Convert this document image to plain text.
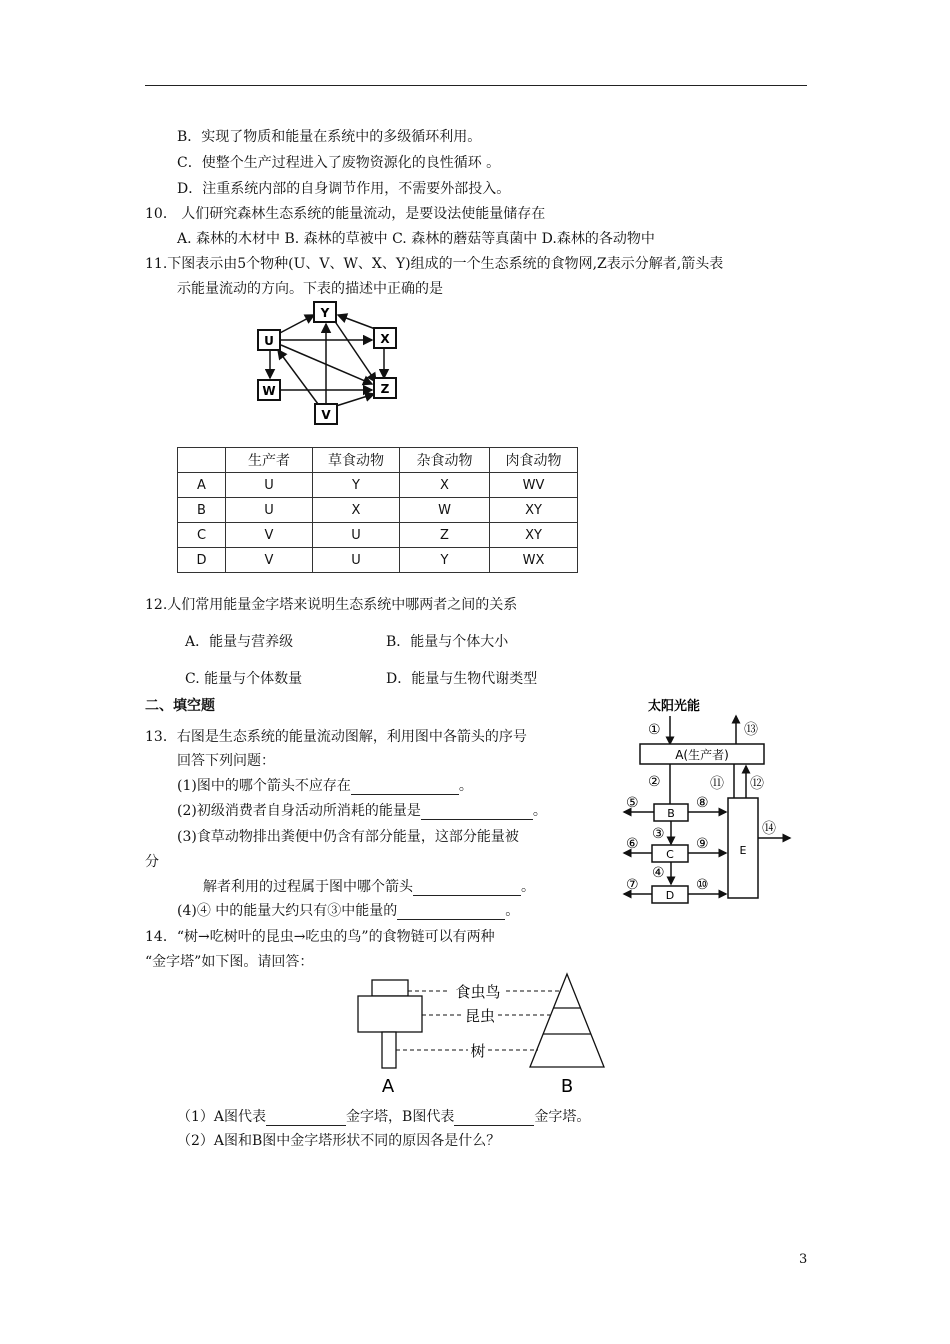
B．实现了物质和能量在系统中的多级循环利用。
C．使整个生产过程进入了废物资源化的良性循环 。
D．注重系统内部的自身调节作用，不需要外部投入。
10． 人们研究森林生态系统的能量流动，是要设法使能量储存在
A. 森林的木材中 B. 森林的草被中 C. 森林的蘑菇等真菌中 D.森林的各动物中
11.下图表示由5个物种(U、V、W、X、Y)组成的一个生态系统的食物网,Z表示分解者,箭头表
示能量流动的方向。下表的描述中正确的是
Y
U	X
W	Z
V
	生产者	草食动物	杂食动物	肉食动物
A	U	Y	X	WV
B	U	X	W	XY
C	V	U	Z	XY
D	V	U	Y	WX
12.人们常用能量金字塔来说明生态系统中哪两者之间的关系
A．能量与营养级	B．能量与个体大小
C. 能量与个体数量	D．能量与生物代谢类型
二、填空题
13．右图是生态系统的能量流动图解，利用图中各箭头的序号
回答下列问题：
(1)图中的哪个箭头不应存在	。
(2)初级消费者自身活动所消耗的能量是	。
(3)食草动物排出粪便中仍含有部分能量，这部分能量被
分
解者利用的过程属于图中哪个箭头	。
(4)④ 中的能量大约只有③中能量的	。
太阳光能
①	⑬
A(生产者)
②
B
③
C
④
D
⑤
⑥
⑦
E
⑧
⑨
⑩
⑪ ⑫
⑭
14．“树→吃树叶的昆虫→吃虫的鸟”的食物链可以有两种
“金字塔”如下图。请回答：
食虫鸟
昆虫
树
A	B
（1）A图代表	金字塔，B图代表	金字塔。
（2）A图和B图中金字塔形状不同的原因各是什么？
3
